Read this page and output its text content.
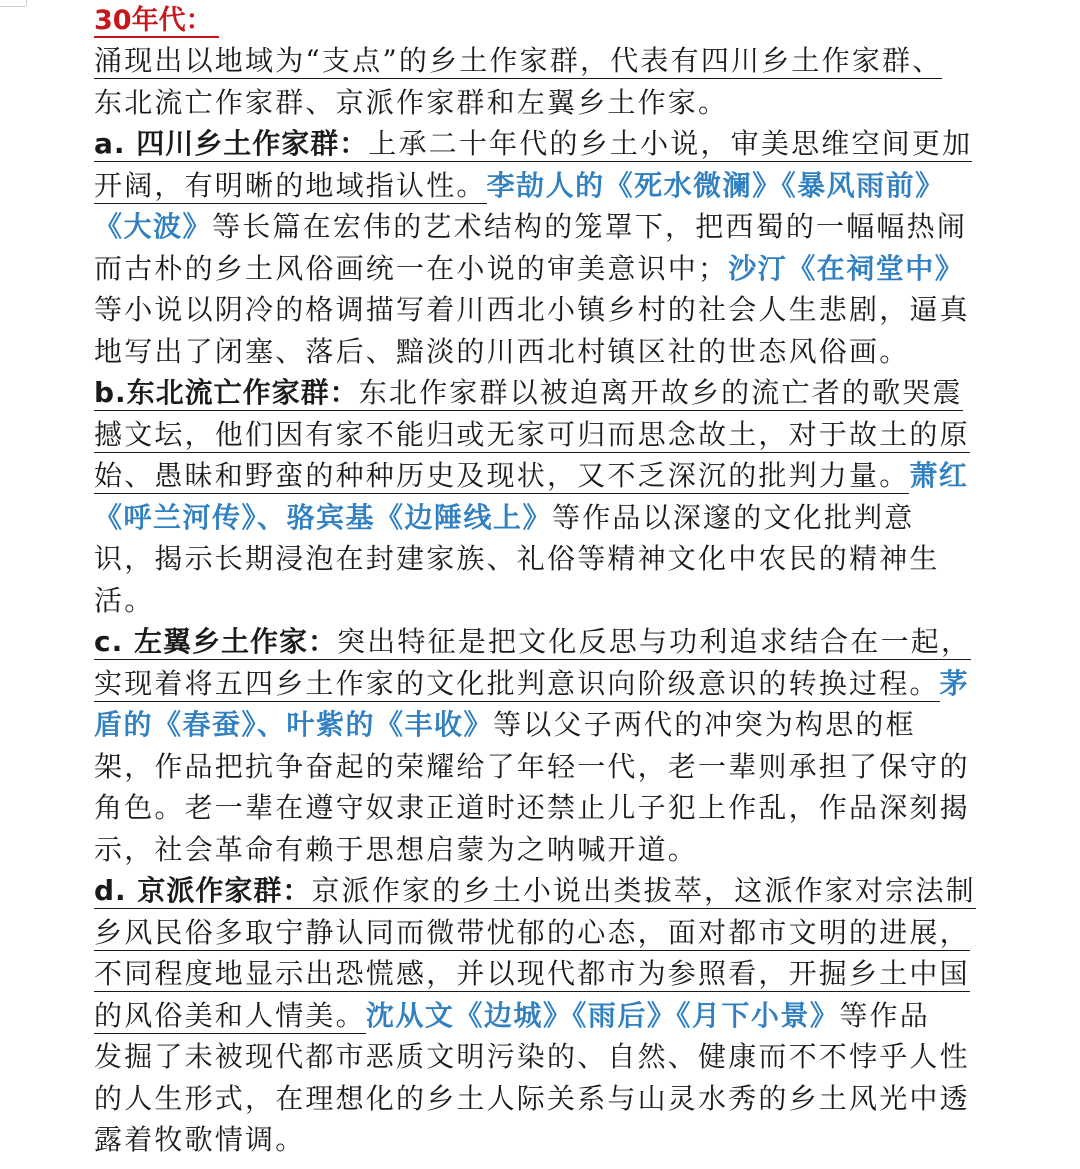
30年代：
涌现出以地域为“支点”的乡土作家群，代表有四川乡土作家群、
东北流亡作家群、京派作家群和左翼乡土作家。
a. 四川乡土作家群：上承二十年代的乡土小说，审美思维空间更加
开阔，有明晰的地域指认性。李劼人的《死水微澜》《暴风雨前》
《大波》等长篇在宏伟的艺术结构的笼罩下，把西蜀的一幅幅热闹
而古朴的乡土风俗画统一在小说的审美意识中；沙汀《在祠堂中》
等小说以阴冷的格调描写着川西北小镇乡村的社会人生悲剧，逼真
地写出了闭塞、落后、黯淡的川西北村镇区社的世态风俗画。
b.东北流亡作家群：东北作家群以被迫离开故乡的流亡者的歌哭震
撼文坛，他们因有家不能归或无家可归而思念故土，对于故土的原
始、愚昧和野蛮的种种历史及现状，又不乏深沉的批判力量。萧红
《呼兰河传》、骆宾基《边陲线上》等作品以深邃的文化批判意
识，揭示长期浸泡在封建家族、礼俗等精神文化中农民的精神生
活。
c. 左翼乡土作家：突出特征是把文化反思与功利追求结合在一起，
实现着将五四乡土作家的文化批判意识向阶级意识的转换过程。茅
盾的《春蚕》、叶紫的《丰收》等以父子两代的冲突为构思的框
架，作品把抗争奋起的荣耀给了年轻一代，老一辈则承担了保守的
角色。老一辈在遵守奴隶正道时还禁止儿子犯上作乱，作品深刻揭
示，社会革命有赖于思想启蒙为之呐喊开道。
d. 京派作家群：京派作家的乡土小说出类拔萃，这派作家对宗法制
乡风民俗多取宁静认同而微带忧郁的心态，面对都市文明的进展，
不同程度地显示出恐慌感，并以现代都市为参照看，开掘乡土中国
的风俗美和人情美。沈从文《边城》《雨后》《月下小景》等作品
发掘了未被现代都市恶质文明污染的、自然、健康而不不悖乎人性
的人生形式，在理想化的乡土人际关系与山灵水秀的乡土风光中透
露着牧歌情调。
